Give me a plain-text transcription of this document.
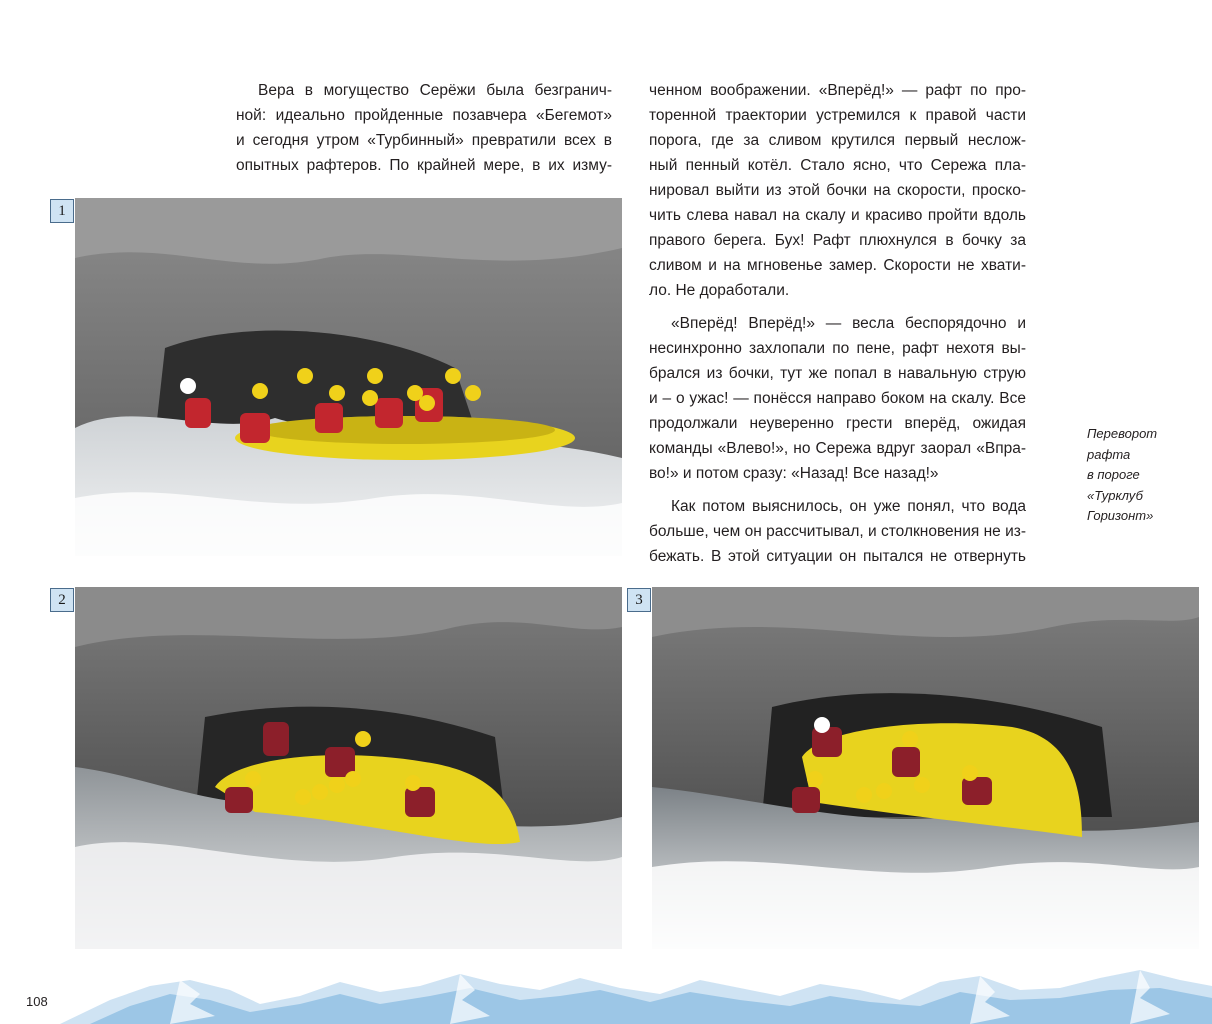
Вера в могущество Серёжи была безгранич-
ной: идеально пройденные позавчера «Бегемот»
и сегодня утром «Турбинный» превратили всех в
опытных рафтеров. По крайней мере, в их изму-
ченном воображении. «Вперёд!» — рафт по про-
торенной траектории устремился к правой части
порога, где за сливом крутился первый неслож-
ный пенный котёл. Стало ясно, что Сережа пла-
нировал выйти из этой бочки на скорости, проско-
чить слева навал на скалу и красиво пройти вдоль
правого берега. Бух! Рафт плюхнулся в бочку за
сливом и на мгновенье замер. Скорости не хвати-
ло. Не доработали.
«Вперёд! Вперёд!» — весла беспорядочно и
несинхронно захлопали по пене, рафт нехотя вы-
брался из бочки, тут же попал в навальную струю
и – о ужас! — понёсся направо боком на скалу. Все
продолжали неуверенно грести вперёд, ожидая
команды «Влево!», но Сережа вдруг заорал «Впра-
во!» и потом сразу: «Назад! Все назад!»
Как потом выяснилось, он уже понял, что вода
больше, чем он рассчитывал, и столкновения не из-
бежать. В этой ситуации он пытался не отвернуть
1
2	3
Переворот
рафта
в пороге
«Турклуб
Горизонт»
108
